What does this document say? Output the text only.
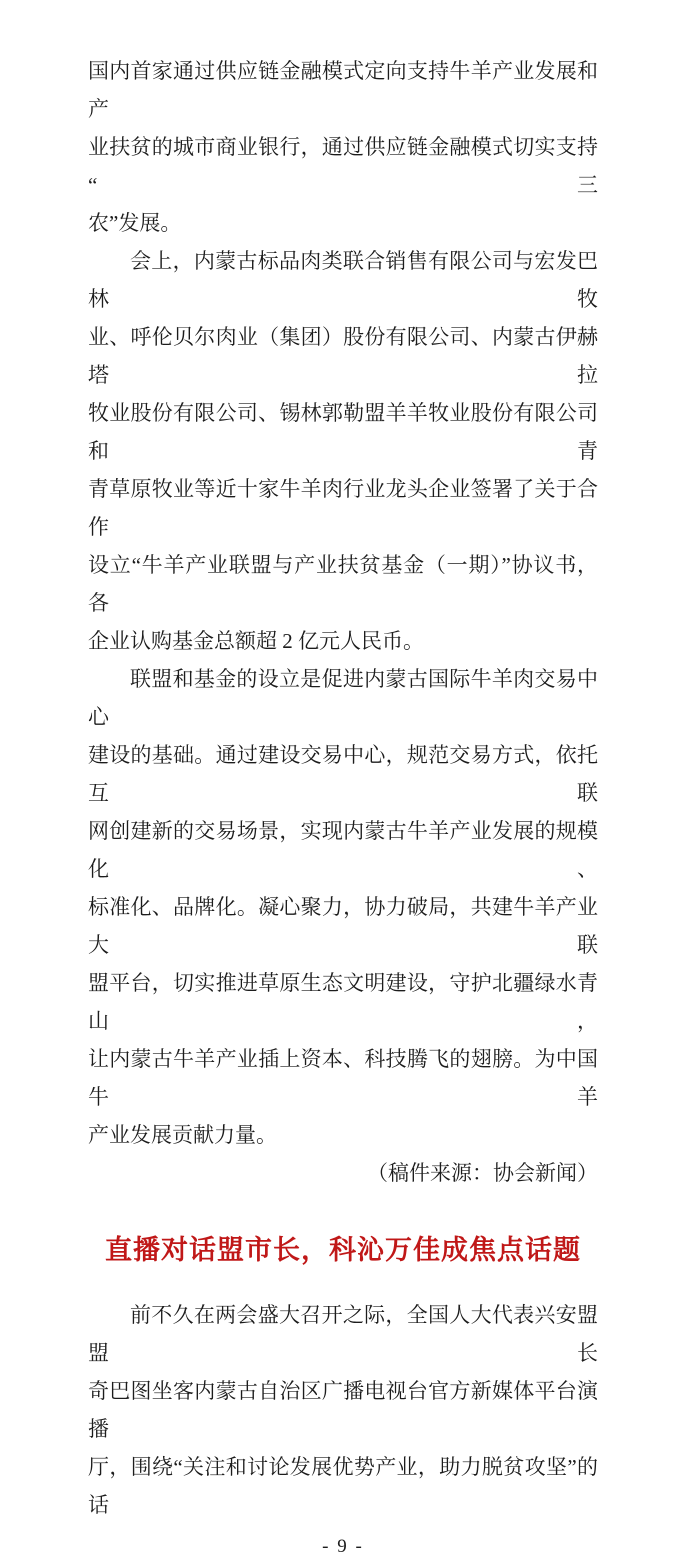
国内首家通过供应链金融模式定向支持牛羊产业发展和产
业扶贫的城市商业银行，通过供应链金融模式切实支持 “三
农”发展。
会上，内蒙古标品肉类联合销售有限公司与宏发巴林牧
业、呼伦贝尔肉业（集团）股份有限公司、内蒙古伊赫塔拉
牧业股份有限公司、锡林郭勒盟羊羊牧业股份有限公司和青
青草原牧业等近十家牛羊肉行业龙头企业签署了关于合作
设立“牛羊产业联盟与产业扶贫基金（一期）”协议书，各
企业认购基金总额超 2 亿元人民币。
联盟和基金的设立是促进内蒙古国际牛羊肉交易中心
建设的基础。通过建设交易中心，规范交易方式，依托互联
网创建新的交易场景，实现内蒙古牛羊产业发展的规模化、
标准化、品牌化。凝心聚力，协力破局，共建牛羊产业大联
盟平台，切实推进草原生态文明建设，守护北疆绿水青山，
让内蒙古牛羊产业插上资本、科技腾飞的翅膀。为中国牛羊
产业发展贡献力量。
（稿件来源：协会新闻）
直播对话盟市长，科沁万佳成焦点话题
前不久在两会盛大召开之际，全国人大代表兴安盟盟长
奇巴图坐客内蒙古自治区广播电视台官方新媒体平台演播
厅，围绕“关注和讨论发展优势产业，助力脱贫攻坚”的话
- 9 -
